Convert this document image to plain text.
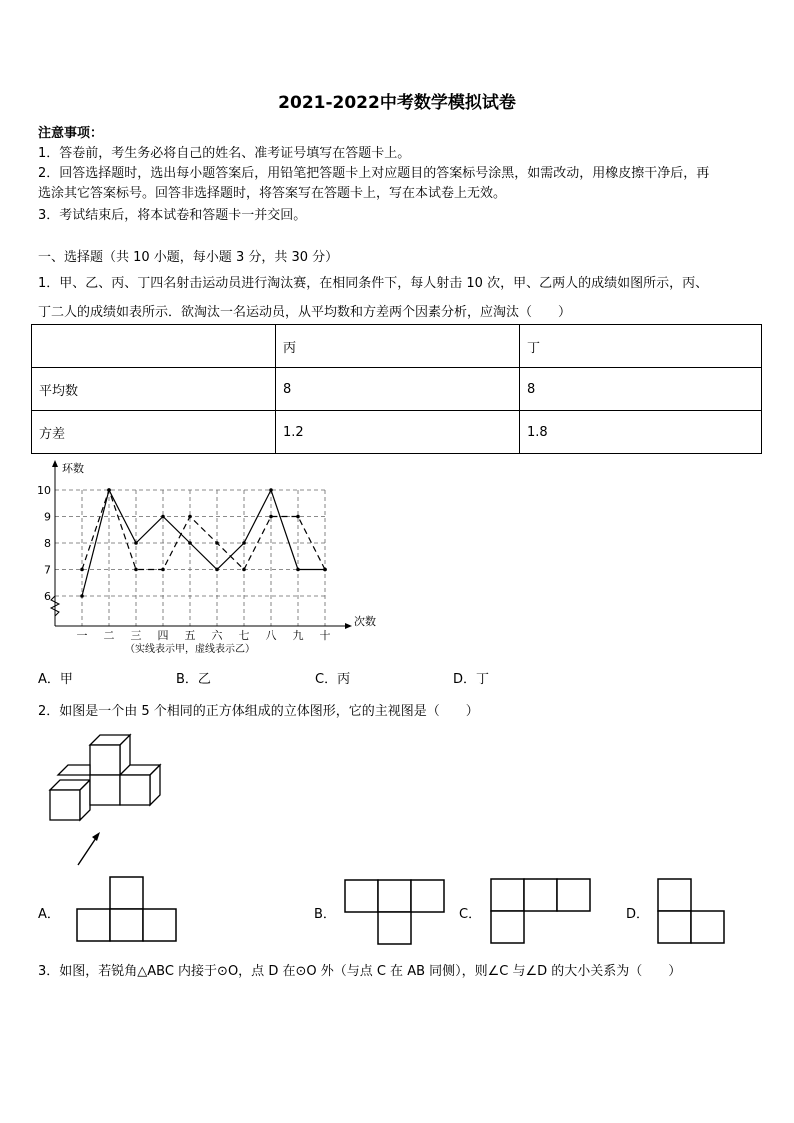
2021-2022中考数学模拟试卷
注意事项：
1．答卷前，考生务必将自己的姓名、准考证号填写在答题卡上。
2．回答选择题时，选出每小题答案后，用铅笔把答题卡上对应题目的答案标号涂黑，如需改动，用橡皮擦干净后，再
选涂其它答案标号。回答非选择题时，将答案写在答题卡上，写在本试卷上无效。
3．考试结束后，将本试卷和答题卡一并交回。
一、选择题（共 10 小题，每小题 3 分，共 30 分）
1．甲、乙、丙、丁四名射击运动员进行淘汰赛，在相同条件下，每人射击 10 次，甲、乙两人的成绩如图所示，丙、
丁二人的成绩如表所示．欲淘汰一名运动员，从平均数和方差两个因素分析，应淘汰（　　）
	丙	丁
平均数	8	8
方差	1.2	1.8
环数
次数
（实线表示甲，虚线表示乙）
6
7
8
9
10
一 二 三 四 五 六 七 八 九 十
A．甲	B．乙	C．丙	D．丁
2．如图是一个由 5 个相同的正方体组成的立体图形，它的主视图是（　　）
A．	B．	C．	D．
3．如图，若锐角△ABC 内接于⊙O，点 D 在⊙O 外（与点 C 在 AB 同侧），则∠C 与∠D 的大小关系为（　　）
